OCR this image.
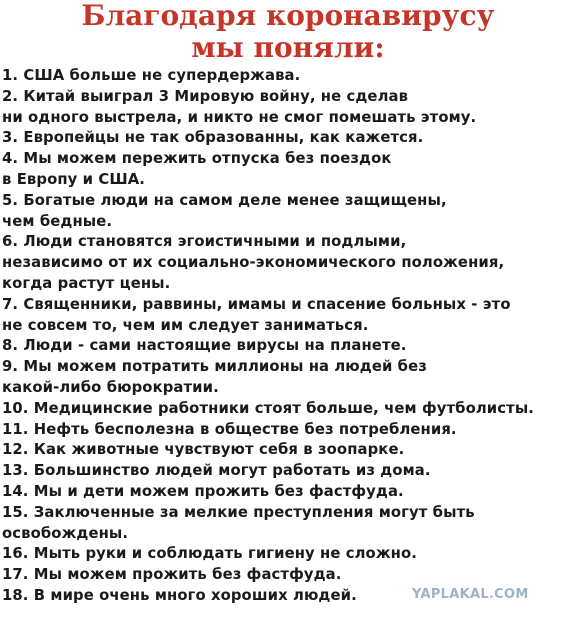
Благодаря коронавирусу
мы поняли:
1. США больше не супердержава.
2. Китай выиграл 3 Мировую войну, не сделав
ни одного выстрела, и никто не смог помешать этому.
3. Европейцы не так образованны, как кажется.
4. Мы можем пережить отпуска без поездок
в Европу и США.
5. Богатые люди на самом деле менее защищены,
чем бедные.
6. Люди становятся эгоистичными и подлыми,
независимо от их социально-экономического положения,
когда растут цены.
7. Священники, раввины, имамы и спасение больных - это
не совсем то, чем им следует заниматься.
8. Люди - сами настоящие вирусы на планете.
9. Мы можем потратить миллионы на людей без
какой-либо бюрократии.
10. Медицинские работники стоят больше, чем футболисты.
11. Нефть бесполезна в обществе без потребления.
12. Как животные чувствуют себя в зоопарке.
13. Большинство людей могут работать из дома.
14. Мы и дети можем прожить без фастфуда.
15. Заключенные за мелкие преступления могут быть
освобождены.
16. Мыть руки и соблюдать гигиену не сложно.
17. Мы можем прожить без фастфуда.
18. В мире очень много хороших людей.	YAPLAKAL.COM
